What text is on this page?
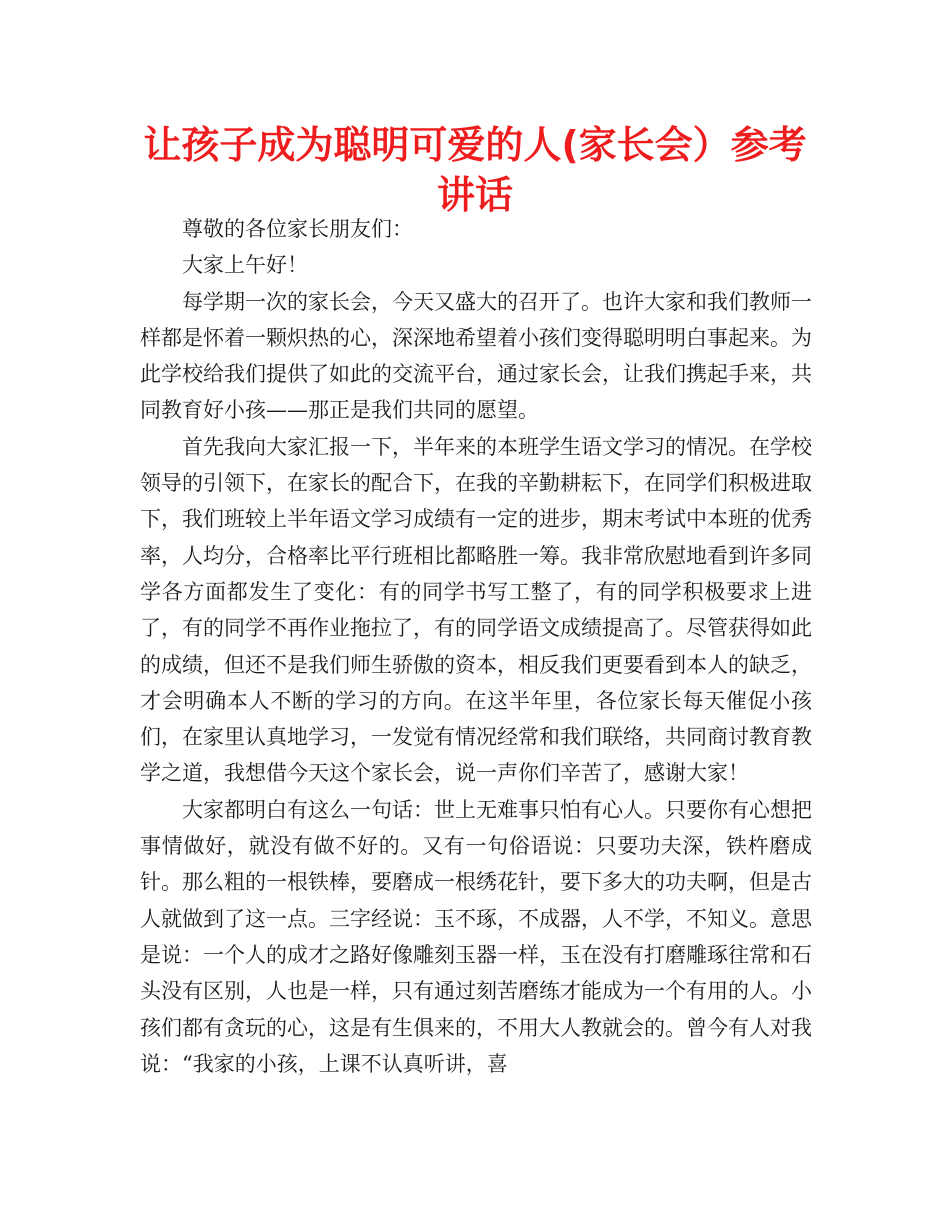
让孩子成为聪明可爱的人(家长会）参考讲话

尊敬的各位家长朋友们：

大家上午好！

每学期一次的家长会，今天又盛大的召开了。也许大家和我们教师一样都是怀着一颗炽热的心，深深地希望着小孩们变得聪明明白事起来。为此学校给我们提供了如此的交流平台，通过家长会，让我们携起手来，共同教育好小孩——那正是我们共同的愿望。

首先我向大家汇报一下，半年来的本班学生语文学习的情况。在学校领导的引领下，在家长的配合下，在我的辛勤耕耘下，在同学们积极进取下，我们班较上半年语文学习成绩有一定的进步，期末考试中本班的优秀率，人均分，合格率比平行班相比都略胜一筹。我非常欣慰地看到许多同学各方面都发生了变化：有的同学书写工整了，有的同学积极要求上进了，有的同学不再作业拖拉了，有的同学语文成绩提高了。尽管获得如此的成绩，但还不是我们师生骄傲的资本，相反我们更要看到本人的缺乏，才会明确本人不断的学习的方向。在这半年里，各位家长每天催促小孩们，在家里认真地学习，一发觉有情况经常和我们联络，共同商讨教育教学之道，我想借今天这个家长会，说一声你们辛苦了，感谢大家！

大家都明白有这么一句话：世上无难事只怕有心人。只要你有心想把事情做好，就没有做不好的。又有一句俗语说：只要功夫深，铁杵磨成针。那么粗的一根铁棒，要磨成一根绣花针，要下多大的功夫啊，但是古人就做到了这一点。三字经说：玉不琢，不成器，人不学，不知义。意思是说：一个人的成才之路好像雕刻玉器一样，玉在没有打磨雕琢往常和石头没有区别，人也是一样，只有通过刻苦磨练才能成为一个有用的人。小孩们都有贪玩的心，这是有生俱来的，不用大人教就会的。曾今有人对我说：“我家的小孩，上课不认真听讲，喜
